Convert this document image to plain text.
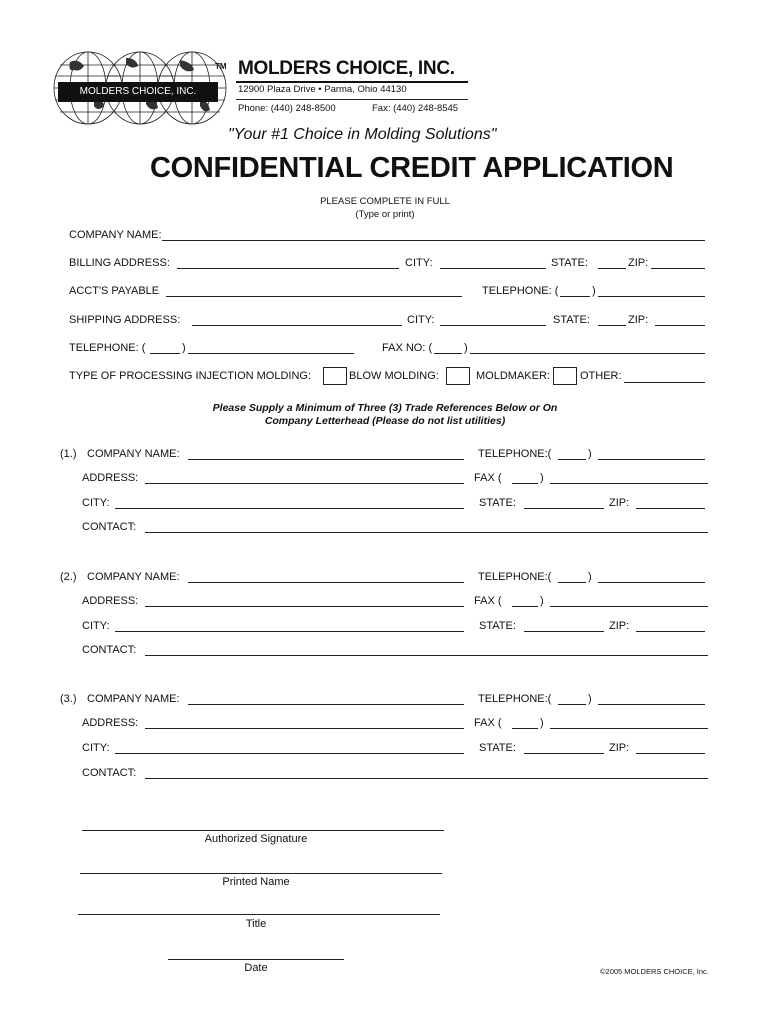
MOLDERS CHOICE, INC.
TM MOLDERS CHOICE, INC.
12900 Plaza Drive • Parma, Ohio 44130
Phone: (440) 248-8500	Fax: (440) 248-8545
"Your #1 Choice in Molding Solutions"
CONFIDENTIAL CREDIT APPLICATION
PLEASE COMPLETE IN FULL
(Type or print)
COMPANY NAME:
BILLING ADDRESS:	CITY:	STATE:	ZIP:
ACCT'S PAYABLE	TELEPHONE: (	)
SHIPPING ADDRESS:	CITY:	STATE:	ZIP:
TELEPHONE: (	)	FAX NO: (	)
TYPE OF PROCESSING INJECTION MOLDING:	BLOW MOLDING:	MOLDMAKER:	OTHER:
Please Supply a Minimum of Three (3) Trade References Below or On
Company Letterhead (Please do not list utilities)
(1.) COMPANY NAME:	TELEPHONE:(	)
ADDRESS:	FAX (	)
CITY:	STATE:	ZIP:
CONTACT:
(2.) COMPANY NAME:	TELEPHONE:(	)
ADDRESS:	FAX (	)
CITY:	STATE:	ZIP:
CONTACT:
(3.) COMPANY NAME:	TELEPHONE:(	)
ADDRESS:	FAX (	)
CITY:	STATE:	ZIP:
CONTACT:
Authorized Signature
Printed Name
Title
Date	©2005 MOLDERS CHOICE, Inc.
